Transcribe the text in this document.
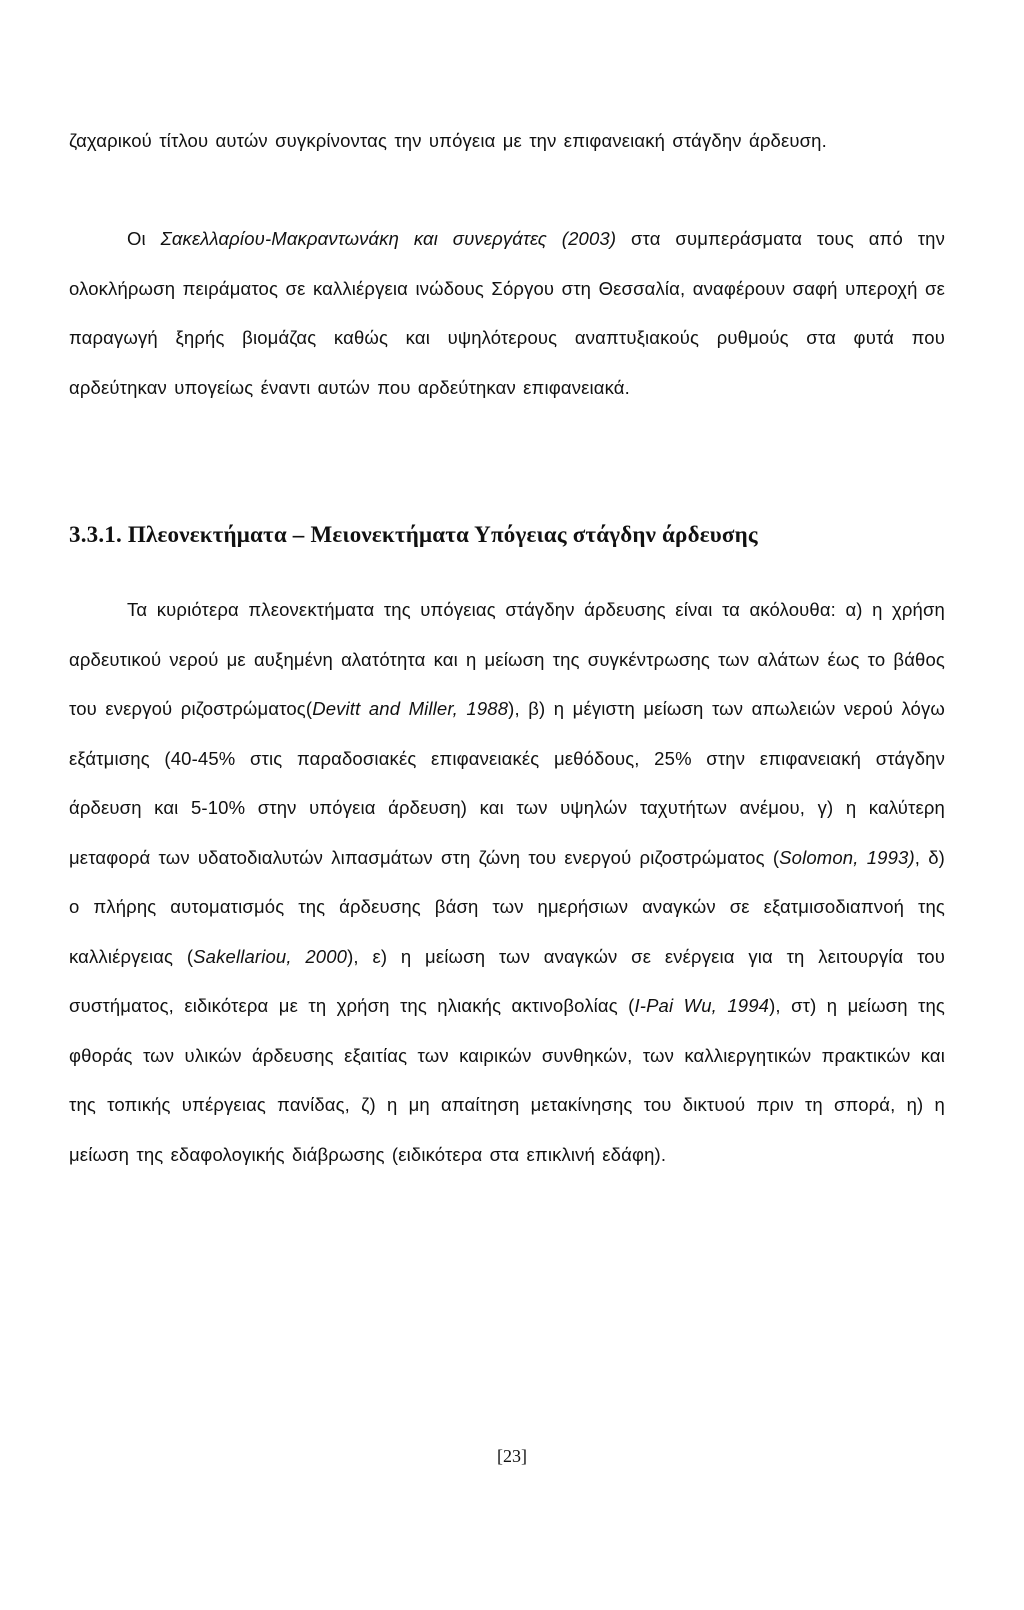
ζαχαρικού τίτλου αυτών συγκρίνοντας την υπόγεια με την επιφανειακή στάγδην άρδευση.

Οι Σακελλαρίου-Μακραντωνάκη και συνεργάτες (2003) στα συμπεράσματα τους από την ολοκλήρωση πειράματος σε καλλιέργεια ινώδους Σόργου στη Θεσσαλία, αναφέρουν σαφή υπεροχή σε παραγωγή ξηρής βιομάζας καθώς και υψηλότερους αναπτυξιακούς ρυθμούς στα φυτά που αρδεύτηκαν υπογείως έναντι αυτών που αρδεύτηκαν επιφανειακά.

3.3.1. Πλεονεκτήματα – Μειονεκτήματα Υπόγειας στάγδην άρδευσης

Τα κυριότερα πλεονεκτήματα της υπόγειας στάγδην άρδευσης είναι τα ακόλουθα: α) η χρήση αρδευτικού νερού με αυξημένη αλατότητα και η μείωση της συγκέντρωσης των αλάτων έως το βάθος του ενεργού ριζοστρώματος(Devitt and Miller, 1988), β) η μέγιστη μείωση των απωλειών νερού λόγω εξάτμισης (40-45% στις παραδοσιακές επιφανειακές μεθόδους, 25% στην επιφανειακή στάγδην άρδευση και 5-10% στην υπόγεια άρδευση) και των υψηλών ταχυτήτων ανέμου, γ) η καλύτερη μεταφορά των υδατοδιαλυτών λιπασμάτων στη ζώνη του ενεργού ριζοστρώματος (Solomon, 1993), δ) ο πλήρης αυτοματισμός της άρδευσης βάση των ημερήσιων αναγκών σε εξατμισοδιαπνοή της καλλιέργειας (Sakellariou, 2000), ε) η μείωση των αναγκών σε ενέργεια για τη λειτουργία του συστήματος, ειδικότερα με τη χρήση της ηλιακής ακτινοβολίας (I-Pai Wu, 1994), στ) η μείωση της φθοράς των υλικών άρδευσης εξαιτίας των καιρικών συνθηκών, των καλλιεργητικών πρακτικών και της τοπικής υπέργειας πανίδας, ζ) η μη απαίτηση μετακίνησης του δικτυού πριν τη σπορά, η) η μείωση της εδαφολογικής διάβρωσης (ειδικότερα στα επικλινή εδάφη).

[23]
